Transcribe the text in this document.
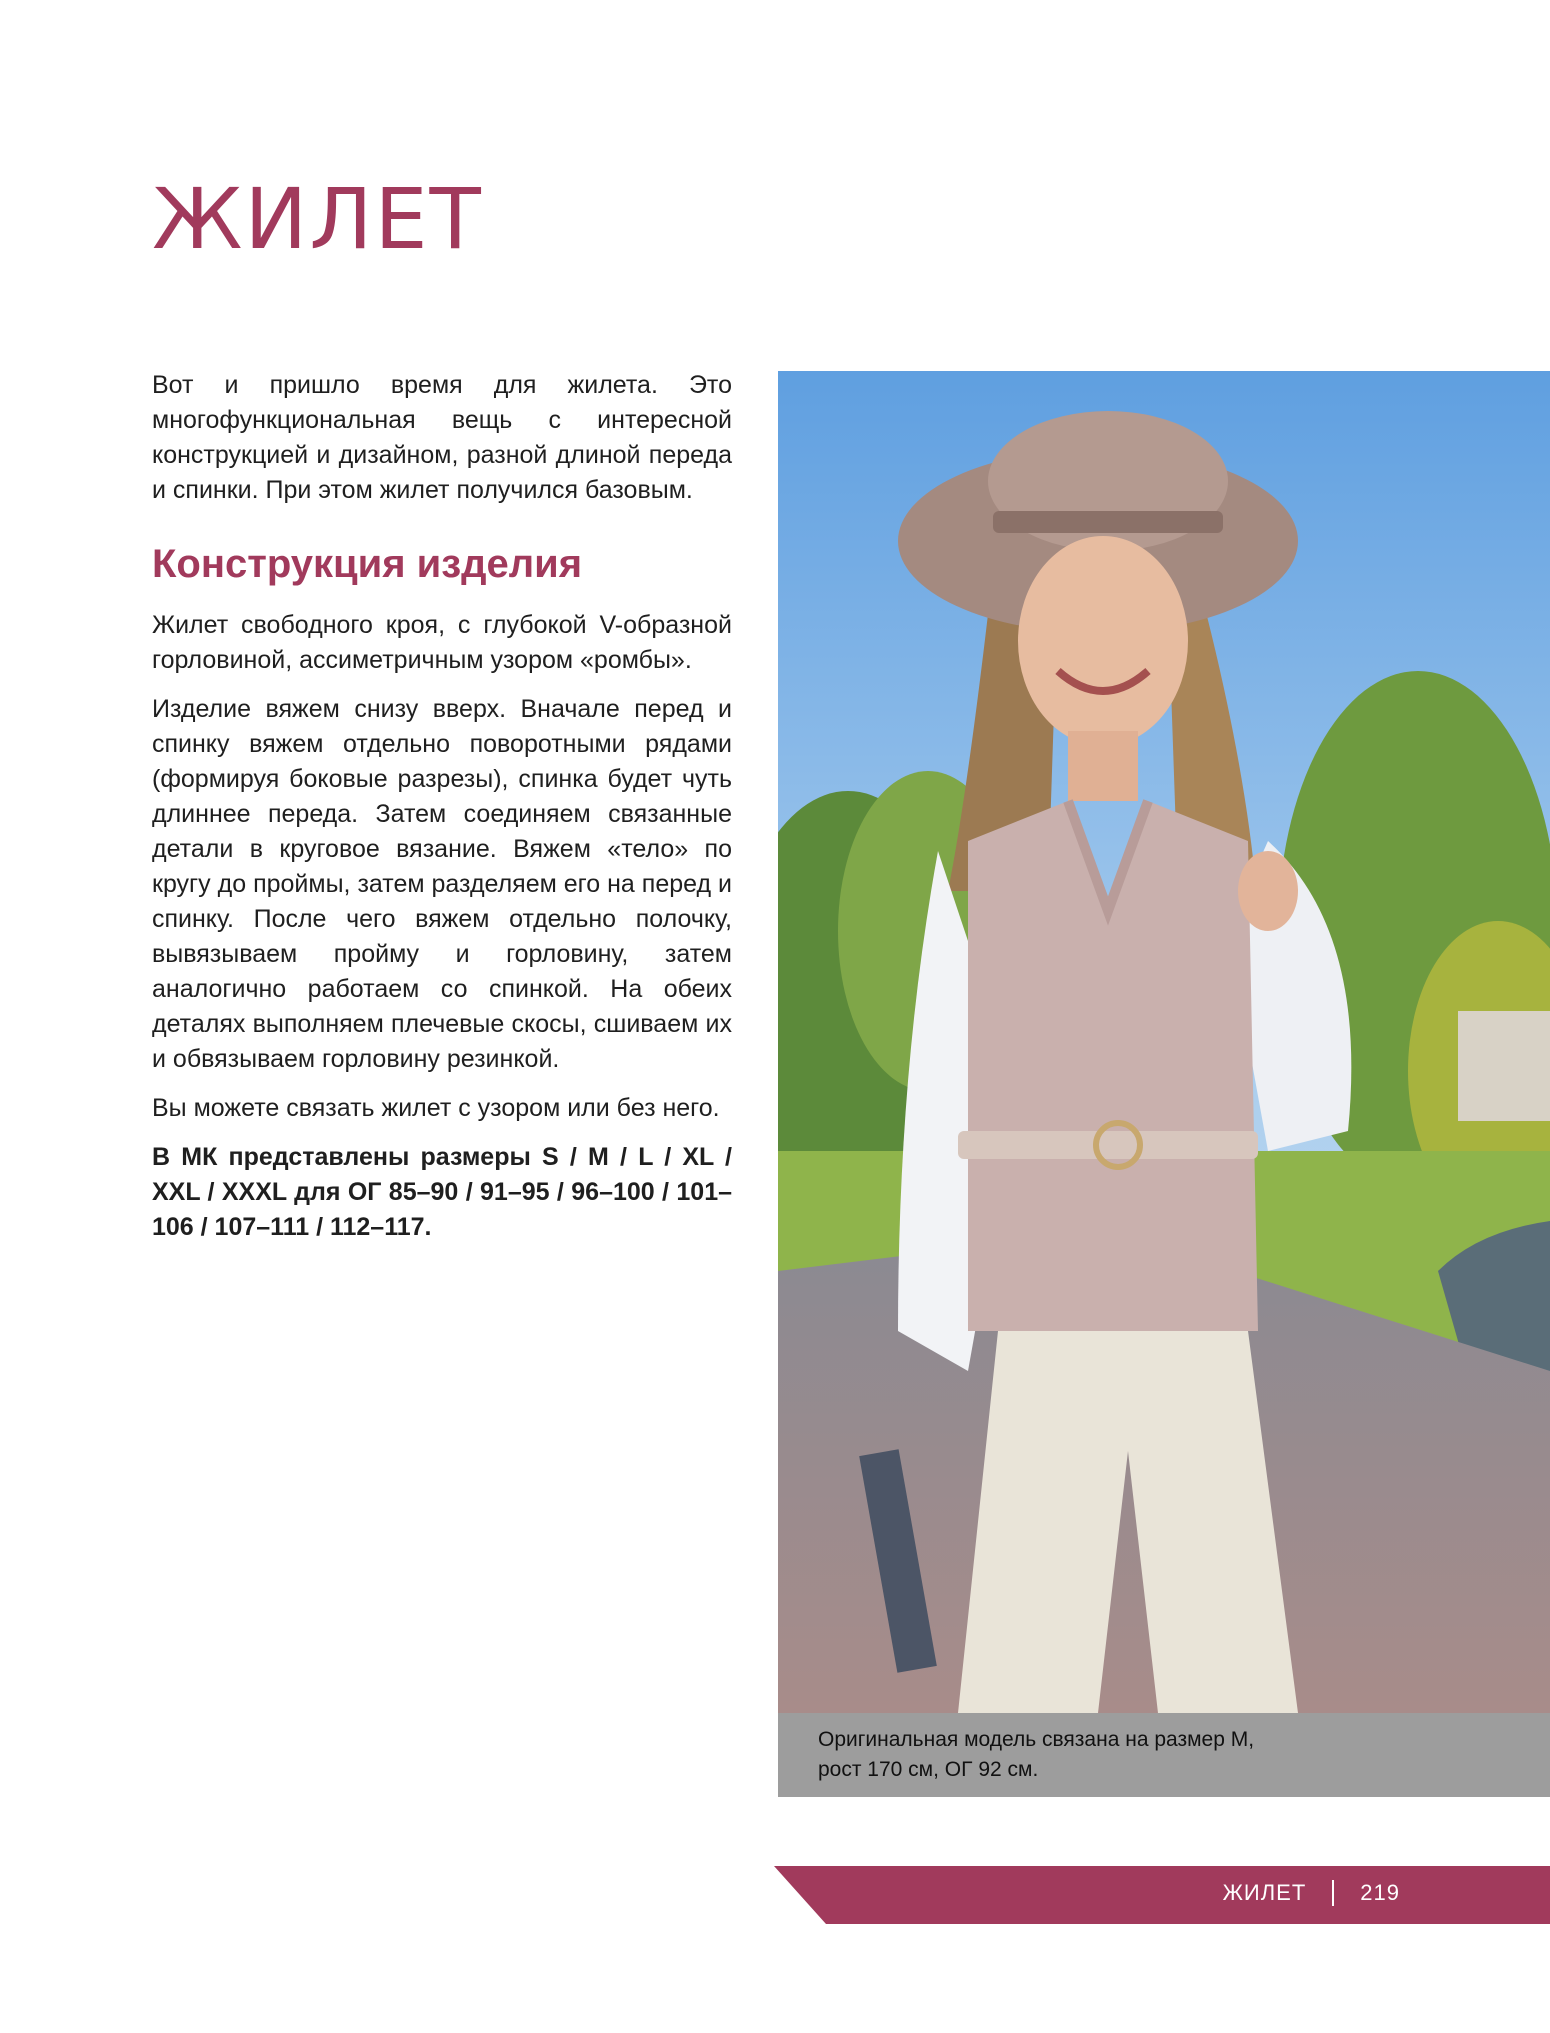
ЖИЛЕТ

Вот и пришло время для жилета. Это многофункциональная вещь с интересной конструкцией и дизайном, разной длиной переда и спинки. При этом жилет получился базовым.

Конструкция изделия

Жилет свободного кроя, с глубокой V-образной горловиной, ассиметричным узором «ромбы».

Изделие вяжем снизу вверх. Вначале перед и спинку вяжем отдельно поворотными рядами (формируя боковые разрезы), спинка будет чуть длиннее переда. Затем соединяем связанные детали в круговое вязание. Вяжем «тело» по кругу до проймы, затем разделяем его на перед и спинку. После чего вяжем отдельно полочку, вывязываем пройму и горловину, затем аналогично работаем со спинкой. На обеих деталях выполняем плечевые скосы, сшиваем их и обвязываем горловину резинкой.

Вы можете связать жилет с узором или без него.

В МК представлены размеры S / M / L / XL / XXL / XXXL для ОГ 85–90 / 91–95 / 96–100 / 101–106 / 107–111 / 112–117.

Оригинальная модель связана на размер М,
рост 170 см, ОГ 92 см.
ЖИЛЕТ 219
